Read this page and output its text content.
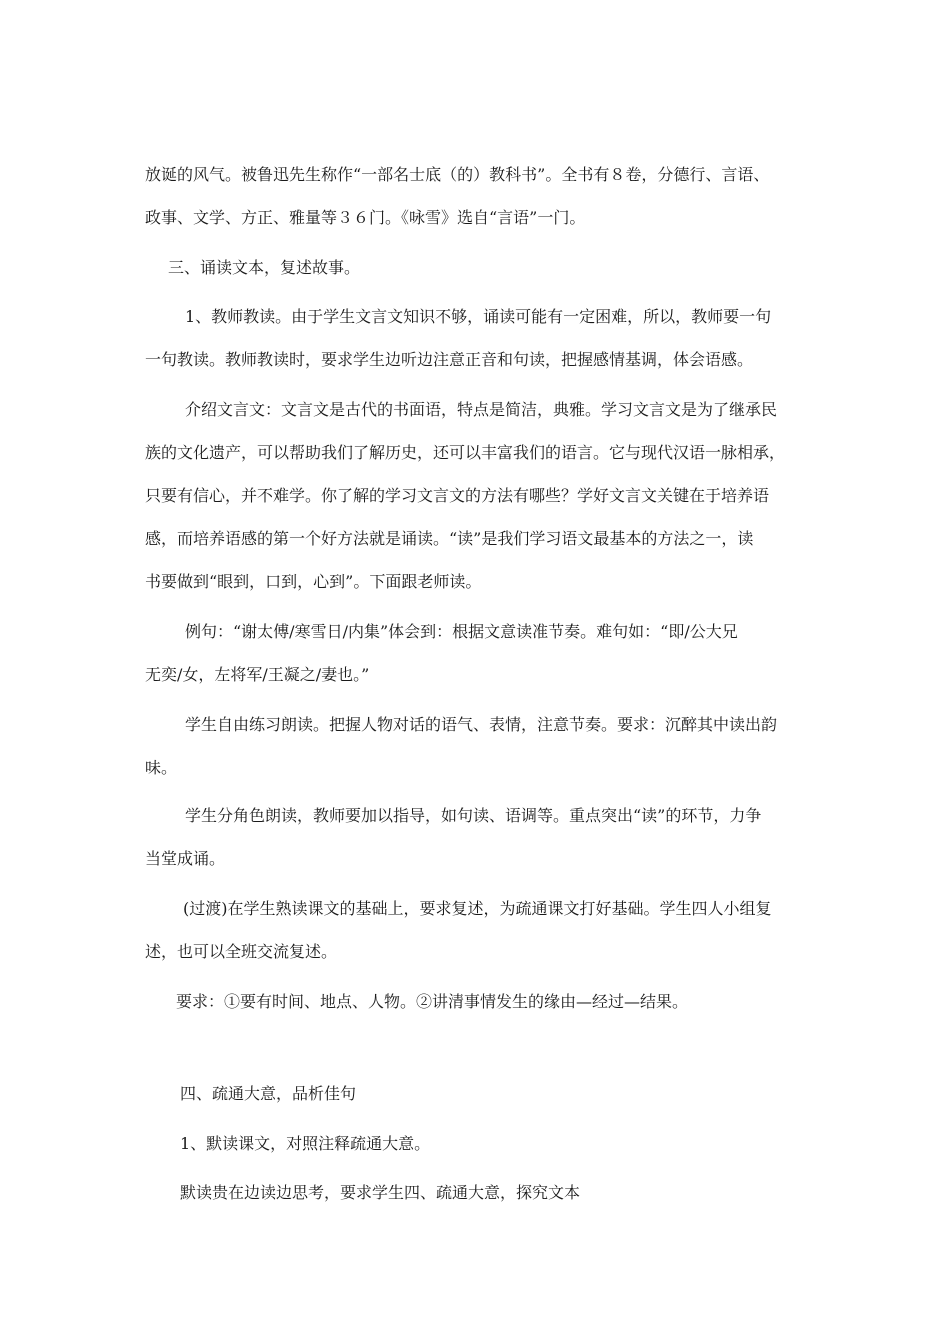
放诞的风气。被鲁迅先生称作“一部名士底（的）教科书”。全书有８卷，分德行、言语、
政事、文学、方正、雅量等３６门。《咏雪》选自“言语”一门。
三、诵读文本，复述故事。
1、教师教读。由于学生文言文知识不够，诵读可能有一定困难，所以，教师要一句
一句教读。教师教读时，要求学生边听边注意正音和句读，把握感情基调，体会语感。
介绍文言文：文言文是古代的书面语，特点是简洁，典雅。学习文言文是为了继承民
族的文化遗产，可以帮助我们了解历史，还可以丰富我们的语言。它与现代汉语一脉相承，
只要有信心，并不难学。你了解的学习文言文的方法有哪些？学好文言文关键在于培养语
感，而培养语感的第一个好方法就是诵读。“读”是我们学习语文最基本的方法之一，读
书要做到“眼到，口到，心到”。下面跟老师读。
例句：“谢太傅/寒雪日/内集”体会到：根据文意读准节奏。难句如：“即/公大兄
无奕/女，左将军/王凝之/妻也。”
学生自由练习朗读。把握人物对话的语气、表情，注意节奏。要求：沉醉其中读出韵
味。
学生分角色朗读，教师要加以指导，如句读、语调等。重点突出“读”的环节，力争
当堂成诵。
(过渡)在学生熟读课文的基础上，要求复述，为疏通课文打好基础。学生四人小组复
述，也可以全班交流复述。
要求：①要有时间、地点、人物。②讲清事情发生的缘由—经过—结果。
四、疏通大意，品析佳句
1、默读课文，对照注释疏通大意。
默读贵在边读边思考，要求学生四、疏通大意，探究文本
